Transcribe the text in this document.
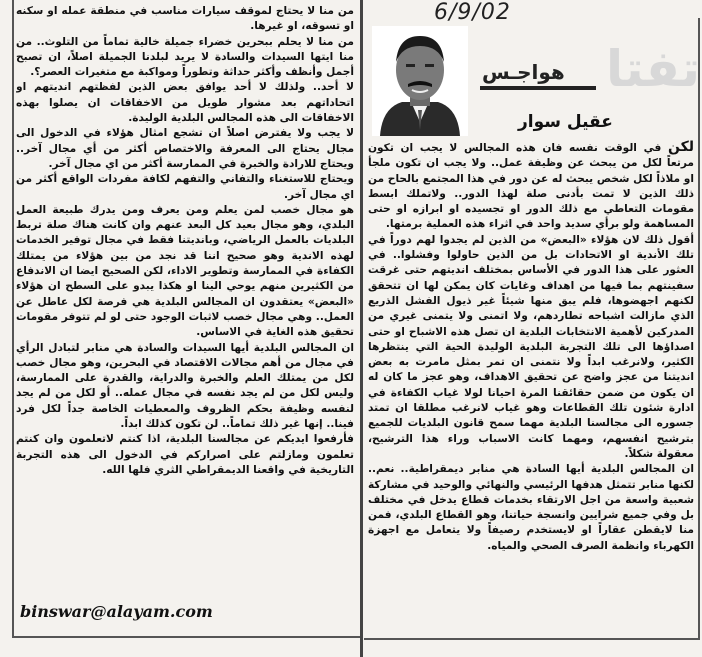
6/9/02
تفتا
هواجـس
عقيل سوار

لكن في الوقت نفسه فان هذه المجالس لا يجب ان تكون مرتعاً لكل من يبحث عن وظيفة عمل.. ولا يجب ان تكون ملجأ او ملاذاً لكل شخص يبحث له عن دور في هذا المجتمع بالحاح من ذلك الذين لا تمت بأدنى صلة لهذا الدور.. ولاتملك ابسط مقومات التعاطي مع ذلك الدور او تجسيده او ابرازه او حتى المساهمة ولو برأي سديد واحد في اثراء هذه العملية برمتها.

أقول ذلك لان هؤلاء «البعض» من الذين لم يجدوا لهم دوراً في تلك الأندية او الاتحادات بل من الذين حاولوا وفشلوا.. في العثور على هذا الدور في الأساس بمختلف انديتهم حتى غرقت سفينتهم بما فيها من اهداف وغايات كان يمكن لها ان تتحقق لكنهم اجهضوها، فلم يبق منها شيئاً غير ذيول الفشل الذريع الذي مازالت اشباحه تطاردهم، ولا اتمنى ولا يتمنى غيري من المدركين لأهمية الانتخابات البلدية ان تصل هذه الاشباح او حتى اصداؤها الى تلك التجربة البلدية الوليدة الحية التي ينتظرها الكثير، ولانرغب ابداً ولا نتمنى ان تمر بمثل مامرت به بعض انديتنا من عجز واضح عن تحقيق الاهداف، وهو عجز ما كان له ان يكون من ضمن حقائقنا المرة احيانا لولا غياب الكفاءة في ادارة شئون تلك القطاعات وهو غياب لانرغب مطلقا ان تمتد جسوره الى مجالسنا البلدية مهما سمح قانون البلديات للجميع بترشيح انفسهم، ومهما كانت الاسباب وراء هذا الترشيح، معقولة شكلاً.

ان المجالس البلدية أيها السادة هي منابر ديمقراطية.. نعم.. لكنها منابر تتمثل هدفها الرئيسي والنهائي والوحيد في مشاركة شعبية واسعة من اجل الارتقاء بخدمات قطاع يدخل في مختلف بل وفي جميع شرايين وانسجة حياتنا، وهو القطاع البلدي، فمن منا لايقطن عقاراً او لايستخدم رصيفاً ولا يتعامل مع اجهزة الكهرباء وانظمة الصرف الصحي والمياه.

من منا لا يحتاج لموقف سيارات مناسب في منطقة عمله او سكنه او تسوقه، او غيرها.

من منا لا يحلم ببحرين خضراء جميلة خالية تماماً من التلوث.. من منا ايتها السيدات والسادة لا يريد لبلدنا الجميلة اصلاً، ان تصبح أجمل وأنظف وأكثر حداثة وتطوراً ومواكبة مع متغيرات العصر؟.

لا أحد.. ولذلك لا أحد يوافق بعض الذين لفظتهم انديتهم او اتحاداتهم بعد مشوار طويل من الاخفاقات ان يصلوا بهذه الاخفاقات الى هذه المجالس البلدية الوليدة.

لا يجب ولا يفترض اصلاً ان تشجع امثال هؤلاء في الدخول الى مجال يحتاج الى المعرفة والاختصاص أكثر من أي مجال آخر.. ويحتاج للارادة والخبرة في الممارسة أكثر من اي مجال آخر.

ويحتاج للاستغناء والتفاني والتفهم لكافة مفردات الواقع أكثر من اي مجال آخر.

هو مجال خصب لمن يعلم ومن يعرف ومن يدرك طبيعة العمل البلدي، وهو مجال بعيد كل البعد عنهم وان كانت هناك صلة تربط البلديات بالعمل الرياضي، وبانديتنا فقط في مجال توفير الخدمات لهذه الاندية وهو صحيح اننا قد نجد من بين هؤلاء من يمتلك الكفاءة في الممارسة وتطوير الاداء، لكن الصحيح ايضا ان الاندفاع من الكثيرين منهم يوحي الينا او هكذا يبدو على السطح ان هؤلاء «البعض» يعتقدون ان المجالس البلدية هي فرصة لكل عاطل عن العمل.. وهي مجال خصب لاثبات الوجود حتى لو لم تتوفر مقومات تحقيق هذه الغاية في الاساس.

ان المجالس البلدية أيها السيدات والسادة هي منابر لتبادل الرأي في مجال من أهم مجالات الاقتصاد في البحرين، وهو مجال خصب لكل من يمتلك العلم والخبرة والدراية، والقدرة على الممارسة، وليس لكل من لم يجد نفسه في مجال عمله.. أو لكل من لم يجد لنفسه وظيفة بحكم الظروف والمعطيات الخاصة جداً لكل فرد فينا.. إنها غير ذلك تماماً.. لن تكون كذلك ابداً.

فأرفعوا ايديكم عن مجالسنا البلدية، اذا كنتم لاتعلمون وان كنتم تعلمون ومازلتم على اصراركم في الدخول الى هذه التجربة التاريخية في واقعنا الديمقراطي الثري فلها الله.

binswar@alayam.com
